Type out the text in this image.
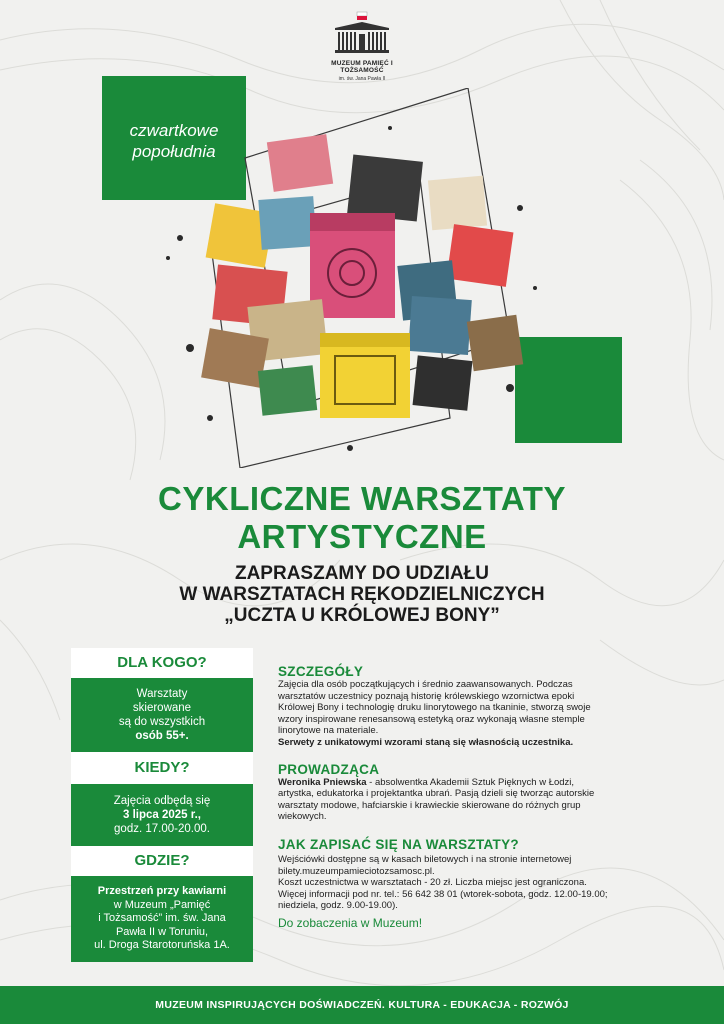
MUZEUM PAMIĘĆ I TOŻSAMOŚĆ
im. św. Jana Pawła II
czwartkowe popołudnia
CYKLICZNE WARSZTATY
ARTYSTYCZNE
ZAPRASZAMY DO UDZIAŁU
W WARSZTATACH RĘKODZIELNICZYCH
„UCZTA U KRÓLOWEJ BONY”
DLA KOGO?
Warsztaty
skierowane
są do wszystkich
osób 55+.
KIEDY?
Zajęcia odbędą się
3 lipca 2025 r.,
godz. 17.00-20.00.
GDZIE?
Przestrzeń przy kawiarni
w Muzeum „Pamięć
i Tożsamość” im. św. Jana
Pawła II w Toruniu,
ul. Droga Starotoruńska 1A.
SZCZEGÓŁY
Zajęcia dla osób początkujących i średnio zaawansowanych. Podczas
warsztatów uczestnicy poznają historię królewskiego wzornictwa epoki
Królowej Bony i technologię druku linorytowego na tkaninie, stworzą swoje
wzory inspirowane renesansową estetyką oraz wykonają własne stemple
linorytowe na materiale.
Serwety z unikatowymi wzorami staną się własnością uczestnika.
PROWADZĄCA
Weronika Pniewska - absolwentka Akademii Sztuk Pięknych w Łodzi,
artystka, edukatorka i projektantka ubrań. Pasją dzieli się tworząc autorskie
warsztaty modowe, hafciarskie i krawieckie skierowane do różnych grup
wiekowych.
JAK ZAPISAĆ SIĘ NA WARSZTATY?
Wejściówki dostępne są w kasach biletowych i na stronie internetowej
bilety.muzeumpamieciotozsamosc.pl.
Koszt uczestnictwa w warsztatach - 20 zł. Liczba miejsc jest ograniczona.
Więcej informacji pod nr. tel.: 56 642 38 01 (wtorek-sobota, godz. 12.00-19.00;
niedziela, godz. 9.00-19.00).
Do zobaczenia w Muzeum!
MUZEUM INSPIRUJĄCYCH DOŚWIADCZEŃ. KULTURA - EDUKACJA - ROZWÓJ
